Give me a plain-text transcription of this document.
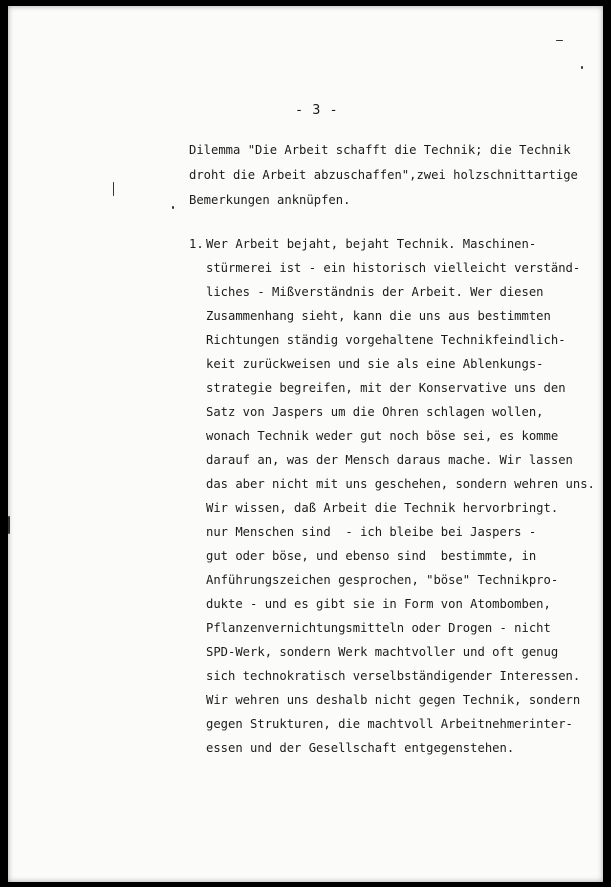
- 3 -
Dilemma "Die Arbeit schafft die Technik; die Technik
droht die Arbeit abzuschaffen",zwei holzschnittartige
Bemerkungen anknüpfen.
1. Wer Arbeit bejaht, bejaht Technik. Maschinen-
stürmerei ist - ein historisch vielleicht verständ-
liches - Mißverständnis der Arbeit. Wer diesen
Zusammenhang sieht, kann die uns aus bestimmten
Richtungen ständig vorgehaltene Technikfeindlich-
keit zurückweisen und sie als eine Ablenkungs-
strategie begreifen, mit der Konservative uns den
Satz von Jaspers um die Ohren schlagen wollen,
wonach Technik weder gut noch böse sei, es komme
darauf an, was der Mensch daraus mache. Wir lassen
das aber nicht mit uns geschehen, sondern wehren uns.
Wir wissen, daß Arbeit die Technik hervorbringt.
nur Menschen sind  - ich bleibe bei Jaspers -
gut oder böse, und ebenso sind  bestimmte, in
Anführungszeichen gesprochen, "böse" Technikpro-
dukte - und es gibt sie in Form von Atombomben,
Pflanzenvernichtungsmitteln oder Drogen - nicht
SPD-Werk, sondern Werk machtvoller und oft genug
sich technokratisch verselbständigender Interessen.
Wir wehren uns deshalb nicht gegen Technik, sondern
gegen Strukturen, die machtvoll Arbeitnehmerinter-
essen und der Gesellschaft entgegenstehen.
